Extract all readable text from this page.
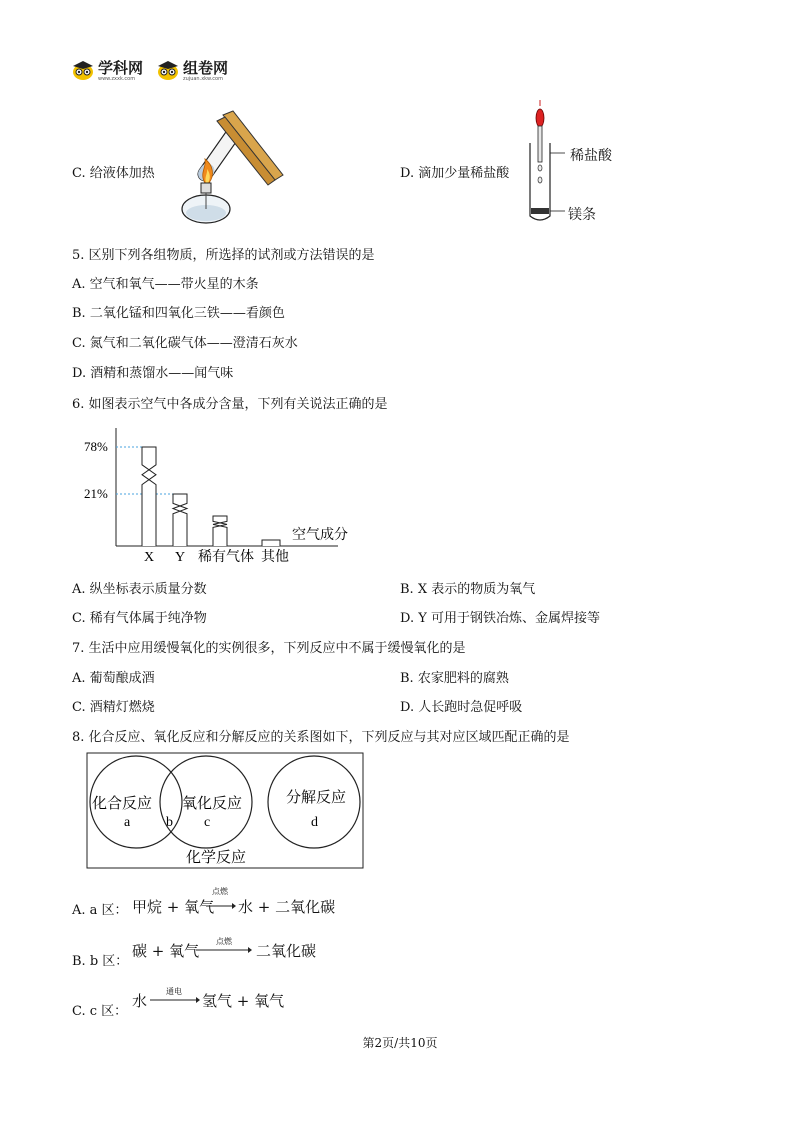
学科网
www.zxxk.com
组卷网
zujuan.xkw.com
C. 给液体加热	D. 滴加少量稀盐酸
稀盐酸
镁条
5. 区别下列各组物质，所选择的试剂或方法错误的是
A. 空气和氧气——带火星的木条
B. 二氧化锰和四氧化三铁——看颜色
C. 氮气和二氧化碳气体——澄清石灰水
D. 酒精和蒸馏水——闻气味
6. 如图表示空气中各成分含量，下列有关说法正确的是
78%
21%
X Y 稀有气体 其他
空气成分
A. 纵坐标表示质量分数	B. X 表示的物质为氧气
C. 稀有气体属于纯净物	D. Y 可用于钢铁冶炼、金属焊接等
7. 生活中应用缓慢氧化的实例很多，下列反应中不属于缓慢氧化的是
A. 葡萄酿成酒	B. 农家肥料的腐熟
C. 酒精灯燃烧	D. 人长跑时急促呼吸
8. 化合反应、氧化反应和分解反应的关系图如下，下列反应与其对应区域匹配正确的是
化合反应 氧化反应	分解反应
a	b c	d
化学反应
A. a 区： 甲烷 + 氧气
点燃
水 + 二氧化碳
B. b 区：
碳 + 氧气
点燃
二氧化碳
C. c 区：
水
通电
氢气 + 氧气
第2页/共10页
